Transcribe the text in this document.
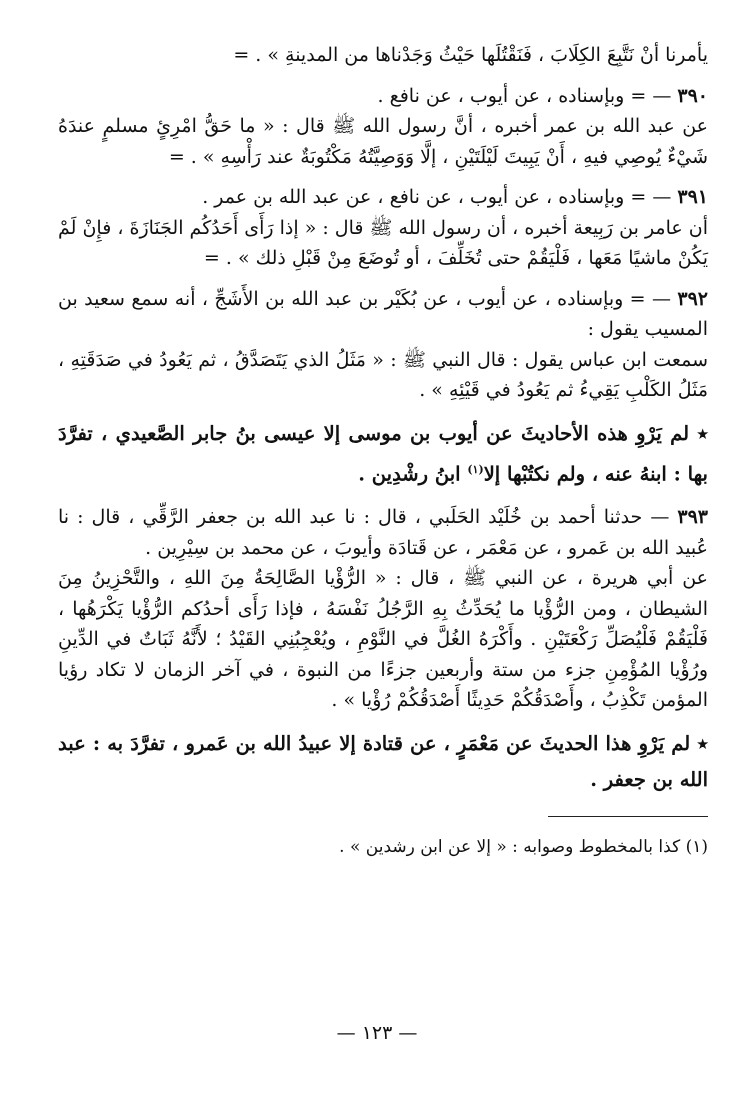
يأمرنا أنْ نَتَّبِعَ الكِلَابَ ، فَنَقْتُلَها حَيْثُ وَجَدْناها من المدينةِ » . =

٣٩٠ — = وبإسناده ، عن أيوب ، عن نافع .
عن عبد الله بن عمر أخبره ، أنَّ رسول الله ﷺ قال : « ما حَقُّ امْرِئٍ مسلمٍ عندَهُ شَيْءٌ يُوصِي فيهِ ، أَنْ يَبِيتَ لَيْلَتَيْنِ ، إلَّا وَوَصِيَّتُهُ مَكْتُوبَةٌ عند رَأْسِهِ » . =

٣٩١ — = وبإسناده ، عن أيوب ، عن نافع ، عن عبد الله بن عمر .
أن عامر بن رَبِيعة أخبره ، أن رسول الله ﷺ قال : « إذا رَأَى أَحَدُكُم الجَنَازَةَ ، فإِنْ لَمْ يَكُنْ ماشيًا مَعَها ، فَلْيَقُمْ حتى تُخَلِّفَ ، أو تُوضَعَ مِنْ قَبْلِ ذلك » . =

٣٩٢ — = وبإسناده ، عن أيوب ، عن بُكَيْر بن عبد الله بن الأَشَجِّ ، أنه سمع سعيد بن المسيب يقول :
سمعت ابن عباس يقول : قال النبي ﷺ : « مَثَلُ الذي يَتَصَدَّقُ ، ثم يَعُودُ في صَدَقَتِهِ ، مَثَلُ الكَلْبِ يَقِيءُ ثم يَعُودُ في قَيْئِهِ » .

٭ لم يَرْوِ هذه الأحاديثَ عن أيوب بن موسى إلا عيسى بنُ جابر الصَّعيدي ، تفرَّدَ بها : ابنهُ عنه ، ولم نكتُبْها إلا$^{(١)}$ ابنُ رشْدِين .

٣٩٣ — حدثنا أحمد بن خُلَيْد الحَلَبي ، قال : نا عبد الله بن جعفر الرَّقِّي ، قال : نا عُبيد الله بن عَمرو ، عن مَعْمَر ، عن قَتادَة وأيوبَ ، عن محمد بن سِيْرِين .
عن أبي هريرة ، عن النبي ﷺ ، قال : « الرُّؤْيا الصَّالِحَةُ مِنَ اللهِ ، والتَّحْزِينُ مِنَ الشيطان ، ومن الرُّؤْيا ما يُحَدِّثُ بِهِ الرَّجُلُ نَفْسَهُ ، فإذا رَأَى أحدُكم الرُّؤْيا يَكْرَهُها ، فَلْيَقُمْ فَلْيُصَلِّ رَكْعَتَيْنِ . وأَكْرَهُ الغُلَّ في النَّوْمِ ، ويُعْجِبُنِي القَيْدُ ؛ لأَنَّهُ ثَبَاتٌ في الدِّينِ ورُؤْيا المُؤْمِنِ جزء من ستة وأربعين جزءًا من النبوة ، في آخر الزمان لا تكاد رؤيا المؤمن تَكْذِبُ ، وأَصْدَقُكُمْ حَدِيثًا أَصْدَقُكُمْ رُؤْيا » .

٭ لم يَرْوِ هذا الحديثَ عن مَعْمَرٍ ، عن قتادة إلا عبيدُ الله بن عَمرو ، تفرَّدَ به : عبد الله بن جعفر .

(١) كذا بالمخطوط وصوابه : « إلا عن ابن رشدين » .

— ١٢٣ —
